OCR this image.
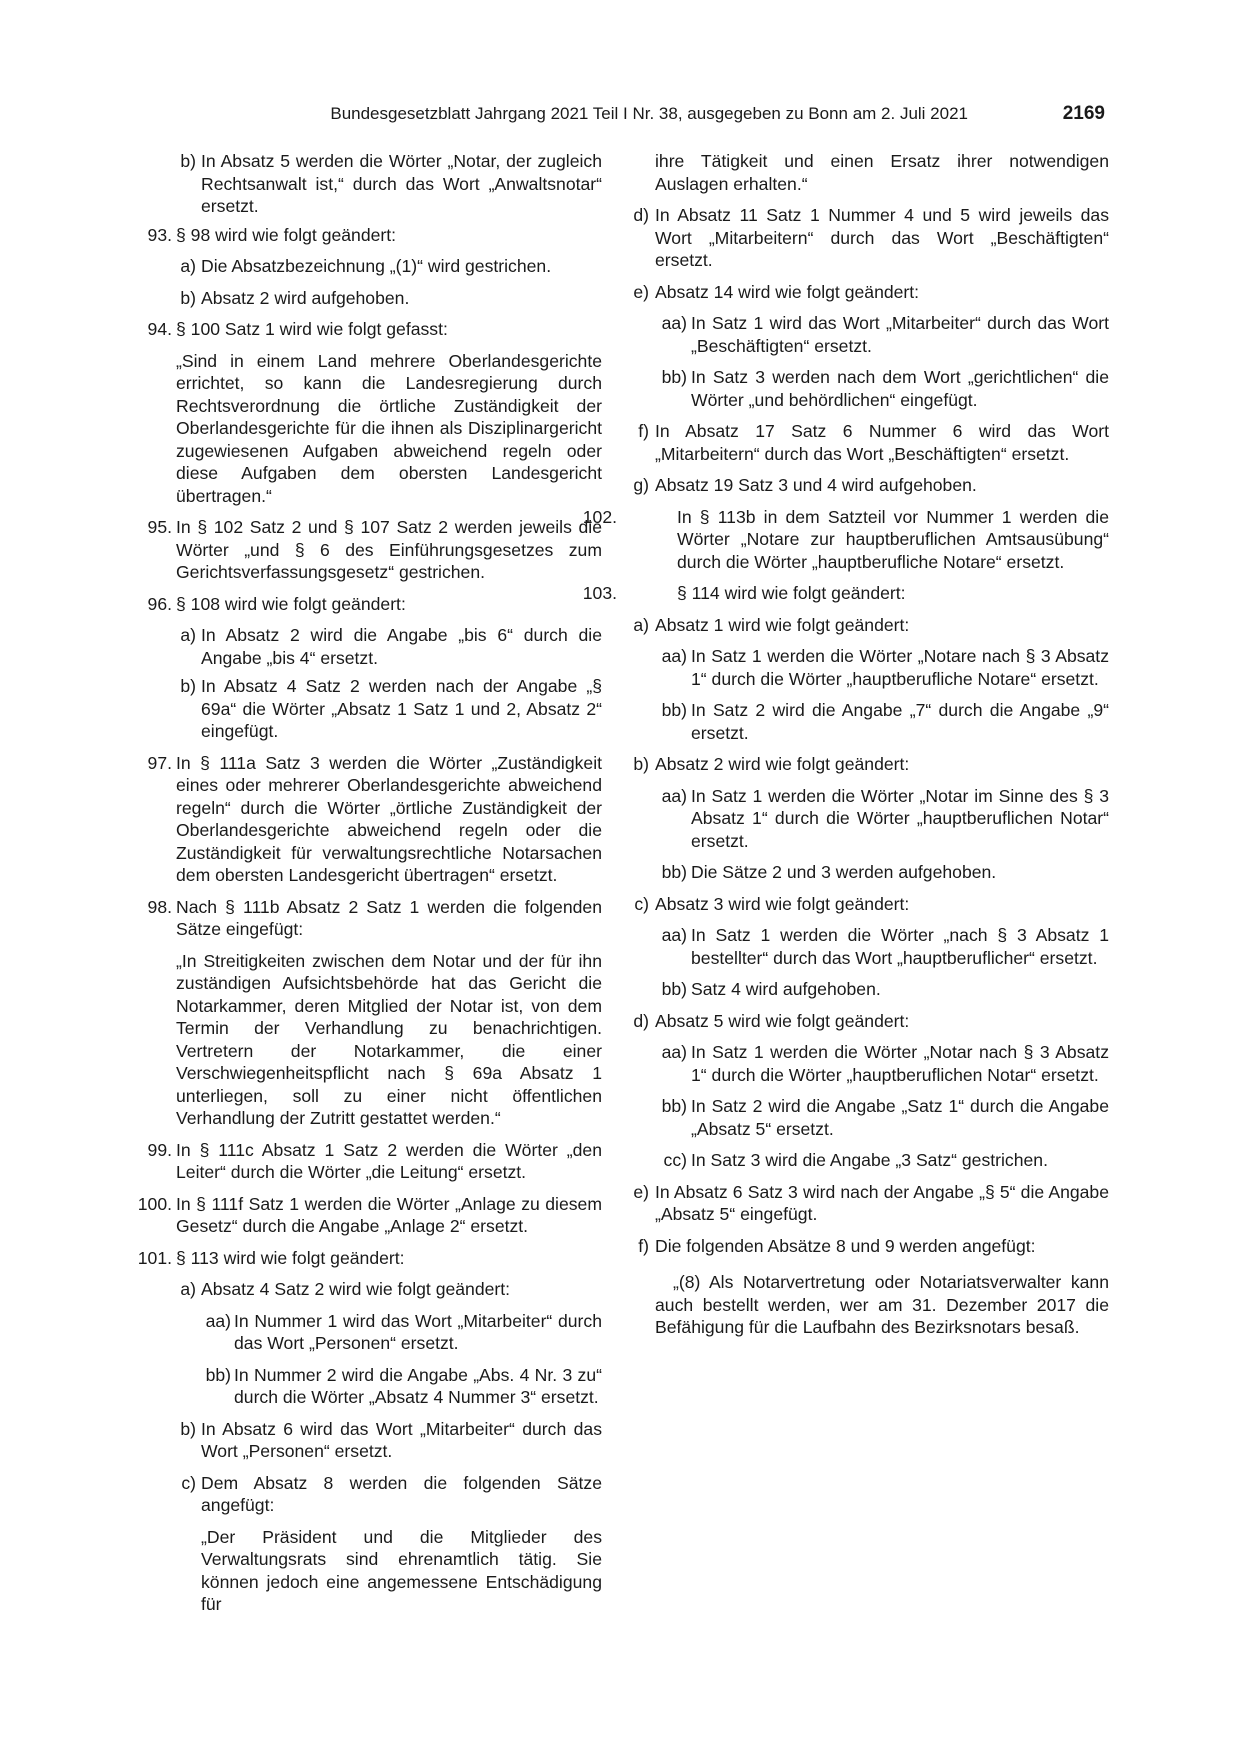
Bundesgesetzblatt Jahrgang 2021 Teil I Nr. 38, ausgegeben zu Bonn am 2. Juli 2021	2169
b) In Absatz 5 werden die Wörter „Notar, der zugleich Rechtsanwalt ist,“ durch das Wort „Anwaltsnotar“ ersetzt.
93. § 98 wird wie folgt geändert:
a) Die Absatzbezeichnung „(1)“ wird gestrichen.
b) Absatz 2 wird aufgehoben.
94. § 100 Satz 1 wird wie folgt gefasst:
„Sind in einem Land mehrere Oberlandesgerichte errichtet, so kann die Landesregierung durch Rechtsverordnung die örtliche Zuständigkeit der Oberlandesgerichte für die ihnen als Disziplinargericht zugewiesenen Aufgaben abweichend regeln oder diese Aufgaben dem obersten Landesgericht übertragen.“
95. In § 102 Satz 2 und § 107 Satz 2 werden jeweils die Wörter „und § 6 des Einführungsgesetzes zum Gerichtsverfassungsgesetz“ gestrichen.
96. § 108 wird wie folgt geändert:
a) In Absatz 2 wird die Angabe „bis 6“ durch die Angabe „bis 4“ ersetzt.
b) In Absatz 4 Satz 2 werden nach der Angabe „§ 69a“ die Wörter „Absatz 1 Satz 1 und 2, Absatz 2“ eingefügt.
97. In § 111a Satz 3 werden die Wörter „Zuständigkeit eines oder mehrerer Oberlandesgerichte abweichend regeln“ durch die Wörter „örtliche Zuständigkeit der Oberlandesgerichte abweichend regeln oder die Zuständigkeit für verwaltungsrechtliche Notarsachen dem obersten Landesgericht übertragen“ ersetzt.
98. Nach § 111b Absatz 2 Satz 1 werden die folgenden Sätze eingefügt:
„In Streitigkeiten zwischen dem Notar und der für ihn zuständigen Aufsichtsbehörde hat das Gericht die Notarkammer, deren Mitglied der Notar ist, von dem Termin der Verhandlung zu benachrichtigen. Vertretern der Notarkammer, die einer Verschwiegenheitspflicht nach § 69a Absatz 1 unterliegen, soll zu einer nicht öffentlichen Verhandlung der Zutritt gestattet werden.“
99. In § 111c Absatz 1 Satz 2 werden die Wörter „den Leiter“ durch die Wörter „die Leitung“ ersetzt.
100. In § 111f Satz 1 werden die Wörter „Anlage zu diesem Gesetz“ durch die Angabe „Anlage 2“ ersetzt.
101. § 113 wird wie folgt geändert:
a) Absatz 4 Satz 2 wird wie folgt geändert:
aa) In Nummer 1 wird das Wort „Mitarbeiter“ durch das Wort „Personen“ ersetzt.
bb) In Nummer 2 wird die Angabe „Abs. 4 Nr. 3 zu“ durch die Wörter „Absatz 4 Nummer 3“ ersetzt.
b) In Absatz 6 wird das Wort „Mitarbeiter“ durch das Wort „Personen“ ersetzt.
c) Dem Absatz 8 werden die folgenden Sätze angefügt:
„Der Präsident und die Mitglieder des Verwaltungsrats sind ehrenamtlich tätig. Sie können jedoch eine angemessene Entschädigung für
ihre Tätigkeit und einen Ersatz ihrer notwendigen Auslagen erhalten.“
d) In Absatz 11 Satz 1 Nummer 4 und 5 wird jeweils das Wort „Mitarbeitern“ durch das Wort „Beschäftigten“ ersetzt.
e) Absatz 14 wird wie folgt geändert:
aa) In Satz 1 wird das Wort „Mitarbeiter“ durch das Wort „Beschäftigten“ ersetzt.
bb) In Satz 3 werden nach dem Wort „gerichtlichen“ die Wörter „und behördlichen“ eingefügt.
f) In Absatz 17 Satz 6 Nummer 6 wird das Wort „Mitarbeitern“ durch das Wort „Beschäftigten“ ersetzt.
g) Absatz 19 Satz 3 und 4 wird aufgehoben.
102.	In § 113b in dem Satzteil vor Nummer 1 werden die Wörter „Notare zur hauptberuflichen Amtsausübung“ durch die Wörter „hauptberufliche Notare“ ersetzt.
103.	§ 114 wird wie folgt geändert:
a) Absatz 1 wird wie folgt geändert:
aa) In Satz 1 werden die Wörter „Notare nach § 3 Absatz 1“ durch die Wörter „hauptberufliche Notare“ ersetzt.
bb) In Satz 2 wird die Angabe „7“ durch die Angabe „9“ ersetzt.
b) Absatz 2 wird wie folgt geändert:
aa) In Satz 1 werden die Wörter „Notar im Sinne des § 3 Absatz 1“ durch die Wörter „hauptberuflichen Notar“ ersetzt.
bb) Die Sätze 2 und 3 werden aufgehoben.
c) Absatz 3 wird wie folgt geändert:
aa) In Satz 1 werden die Wörter „nach § 3 Absatz 1 bestellter“ durch das Wort „hauptberuflicher“ ersetzt.
bb) Satz 4 wird aufgehoben.
d) Absatz 5 wird wie folgt geändert:
aa) In Satz 1 werden die Wörter „Notar nach § 3 Absatz 1“ durch die Wörter „hauptberuflichen Notar“ ersetzt.
bb) In Satz 2 wird die Angabe „Satz 1“ durch die Angabe „Absatz 5“ ersetzt.
cc) In Satz 3 wird die Angabe „3 Satz“ gestrichen.
e) In Absatz 6 Satz 3 wird nach der Angabe „§ 5“ die Angabe „Absatz 5“ eingefügt.
f) Die folgenden Absätze 8 und 9 werden angefügt:
„(8) Als Notarvertretung oder Notariatsverwalter kann auch bestellt werden, wer am 31. Dezember 2017 die Befähigung für die Laufbahn des Bezirksnotars besaß.
